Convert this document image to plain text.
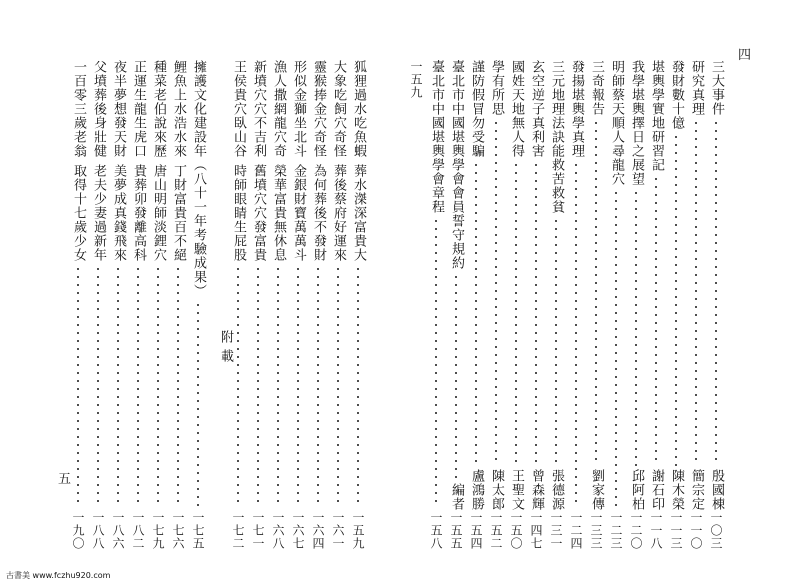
四
三大事件
殷國棟
一〇三
研究真理
簡宗定
一一〇
發財數十億
陳木榮
一一三
堪輿學實地研習記
謝石印
一一八
我學堪輿擇日之展望
邱阿柏
一二〇
明師蔡天順人尋龍穴
一二三
三奇報告
劉家傳
一三三
發揚堪輿學真理
一二四
三元地理法訣能救苦救貧
張德源
一三一
玄空逆子真利害
曾森輝
一四七
國姓天地無人得
王聖文
一五〇
學有所思
陳太郎
一五二
謹防假冒勿受騙
盧鴻勝
一五四
臺北市中國堪輿學會會員誓守規約
編者
一五五
臺北市中國堪輿學會章程
一五八
一五九
狐狸過水吃魚蝦
葬水滐深富貴大
一五九
大象吃飼穴奇怪
葬後蔡府好運來
一六一
靈猴捧金穴奇怪
為何葬後不發財
一六四
形似金獅坐北斗
金銀財寶萬萬斗
一六七
漁人撒網龍穴奇
榮華富貴無休息
一六八
新墳穴穴不吉利
舊墳穴穴發富貴
一七一
王侯貴穴臥山谷
時師眼睛生屁股
一七二
擁護文化建設年（八十一年考驗成果）
一七五
鯉魚上水浩水來
丁財富貴百不絕
一七六
種菜老伯說來歷
唐山明師淡鋰穴
一七九
正運生龍生虎口
貴葬卯發離高科
一八二
夜半夢想發天財
美夢成真錢飛來
一八六
父墳葬後身壯健
老夫少妻過新年
一八八
一百零三歲老翁
取得十七歲少女
一九〇
附載
五
古書美 www.fczhu920.com
